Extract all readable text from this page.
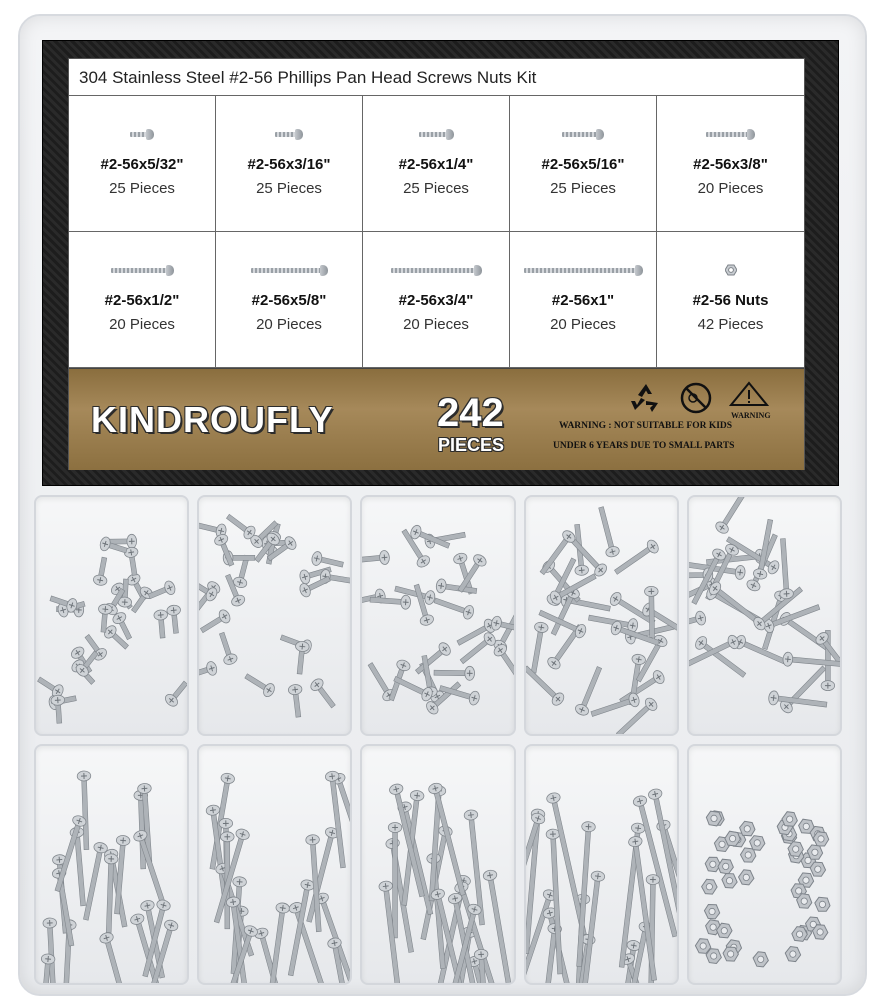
304 Stainless Steel #2-56 Phillips Pan Head Screws Nuts Kit
#2-56x5/32"
25 Pieces
#2-56x3/16"
25 Pieces
#2-56x1/4"
25 Pieces
#2-56x5/16"
25 Pieces
#2-56x3/8"
20 Pieces
#2-56x1/2"
20 Pieces
#2-56x5/8"
20 Pieces
#2-56x3/4"
20 Pieces
#2-56x1"
20 Pieces
#2-56 Nuts
42 Pieces
KINDROUFLY	242
PIECES
WARNING
WARNING : NOT SUITABLE FOR KIDS
UNDER 6 YEARS DUE TO SMALL PARTS
